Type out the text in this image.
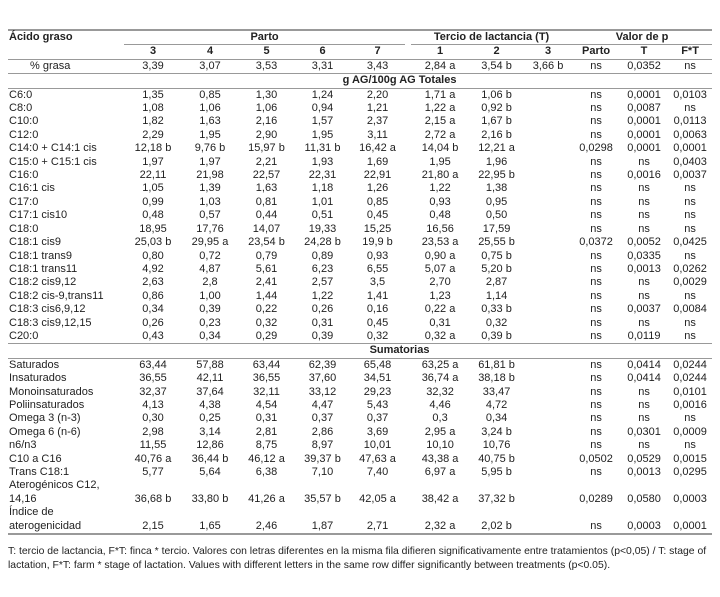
Ácido graso	Parto						Tercio de lactancia (T)			Valor de p		
	3	4	5	6	7		1	2	3	Parto	T	F*T
% grasa	3,39	3,07	3,53	3,31	3,43		2,84 a	3,54 b	3,66 b	ns	0,0352	ns
g AG/100g AG Totales												
C6:0	1,35	0,85	1,30	1,24	2,20		1,71 a	1,06 b		ns	0,0001	0,0103
C8:0	1,08	1,06	1,06	0,94	1,21		1,22 a	0,92 b		ns	0,0087	ns
C10:0	1,82	1,63	2,16	1,57	2,37		2,15 a	1,67 b		ns	0,0001	0,0113
C12:0	2,29	1,95	2,90	1,95	3,11		2,72 a	2,16 b		ns	0,0001	0,0063
C14:0 + C14:1 cis	12,18 b	9,76 b	15,97 b	11,31 b	16,42 a		14,04 b	12,21 a		0,0298	0,0001	0,0001
C15:0 + C15:1 cis	1,97	1,97	2,21	1,93	1,69		1,95	1,96		ns	ns	0,0403
C16:0	22,11	21,98	22,57	22,31	22,91		21,80 a	22,95 b		ns	0,0016	0,0037
C16:1 cis	1,05	1,39	1,63	1,18	1,26		1,22	1,38		ns	ns	ns
C17:0	0,99	1,03	0,81	1,01	0,85		0,93	0,95		ns	ns	ns
C17:1 cis10	0,48	0,57	0,44	0,51	0,45		0,48	0,50		ns	ns	ns
C18:0	18,95	17,76	14,07	19,33	15,25		16,56	17,59		ns	ns	ns
C18:1 cis9	25,03 b	29,95 a	23,54 b	24,28 b	19,9 b		23,53 a	25,55 b		0,0372	0,0052	0,0425
C18:1 trans9	0,80	0,72	0,79	0,89	0,93		0,90 a	0,75 b		ns	0,0335	ns
C18:1 trans11	4,92	4,87	5,61	6,23	6,55		5,07 a	5,20 b		ns	0,0013	0,0262
C18:2 cis9,12	2,63	2,8	2,41	2,57	3,5		2,70	2,87		ns	ns	0,0029
C18:2 cis-9,trans11	0,86	1,00	1,44	1,22	1,41		1,23	1,14		ns	ns	ns
C18:3 cis6,9,12	0,34	0,39	0,22	0,26	0,16		0,22 a	0,33 b		ns	0,0037	0,0084
C18:3 cis9,12,15	0,26	0,23	0,32	0,31	0,45		0,31	0,32		ns	ns	ns
C20:0	0,43	0,34	0,29	0,39	0,32		0,32 a	0,39 b		ns	0,0119	ns
Sumatorias												
Saturados	63,44	57,88	63,44	62,39	65,48		63,25 a	61,81 b		ns	0,0414	0,0244
Insaturados	36,55	42,11	36,55	37,60	34,51		36,74 a	38,18 b		ns	0,0414	0,0244
Monoinsaturados	32,37	37,64	32,11	33,12	29,23		32,32	33,47		ns	ns	0,0101
Poliinsaturados	4,13	4,38	4,54	4,47	5,43		4,46	4,72		ns	ns	0,0016
Omega 3 (n-3)	0,30	0,25	0,31	0,37	0,37		0,3	0,34		ns	ns	ns
Omega 6 (n-6)	2,98	3,14	2,81	2,86	3,69		2,95 a	3,24 b		ns	0,0301	0,0009
n6/n3	11,55	12,86	8,75	8,97	10,01		10,10	10,76		ns	ns	ns
C10 a C16	40,76 a	36,44 b	46,12 a	39,37 b	47,63 a		43,38 a	40,75 b		0,0502	0,0529	0,0015
Trans C18:1	5,77	5,64	6,38	7,10	7,40		6,97 a	5,95 b		ns	0,0013	0,0295
Aterogénicos C12, 14,16	36,68 b	33,80 b	41,26 a	35,57 b	42,05 a		38,42 a	37,32 b		0,0289	0,0580	0,0003
Índice de aterogenicidad	2,15	1,65	2,46	1,87	2,71		2,32 a	2,02 b		ns	0,0003	0,0001
T: tercio de lactancia, F*T: finca * tercio. Valores con letras diferentes en la misma fila difieren significativamente entre tratamientos (p<0,05) / T: stage of lactation, F*T: farm * stage of lactation. Values with different letters in the same row differ significantly between treatments (p<0.05).
